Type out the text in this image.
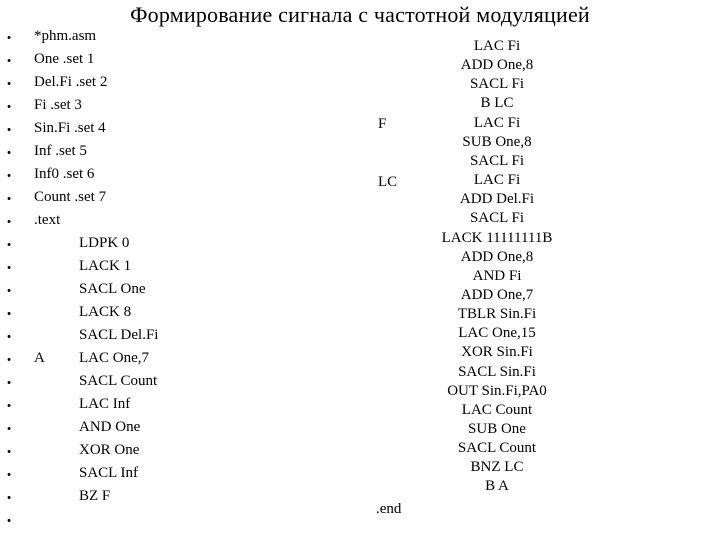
Формирование сигнала с частотной модуляцией
• *phm.asm
• One .set 1
• Del.Fi .set 2
• Fi .set 3
• Sin.Fi .set 4
• Inf .set 5
• Inf0 .set 6
• Count .set 7
• .text
•	LDPK 0
•	LACK 1
•	SACL One
•	LACK 8
•	SACL Del.Fi
• A LAC One,7
•	SACL Count
•	LAC Inf
•	AND One
•	XOR One
•	SACL Inf
•	BZ F
•
F
LC
.end
LAC Fi
ADD One,8
SACL Fi
B LC
LAC Fi
SUB One,8
SACL Fi
LAC Fi
ADD Del.Fi
SACL Fi
LACK 11111111B
ADD One,8
AND Fi
ADD One,7
TBLR Sin.Fi
LAC One,15
XOR Sin.Fi
SACL Sin.Fi
OUT Sin.Fi,PA0
LAC Count
SUB One
SACL Count
BNZ LC
B A
